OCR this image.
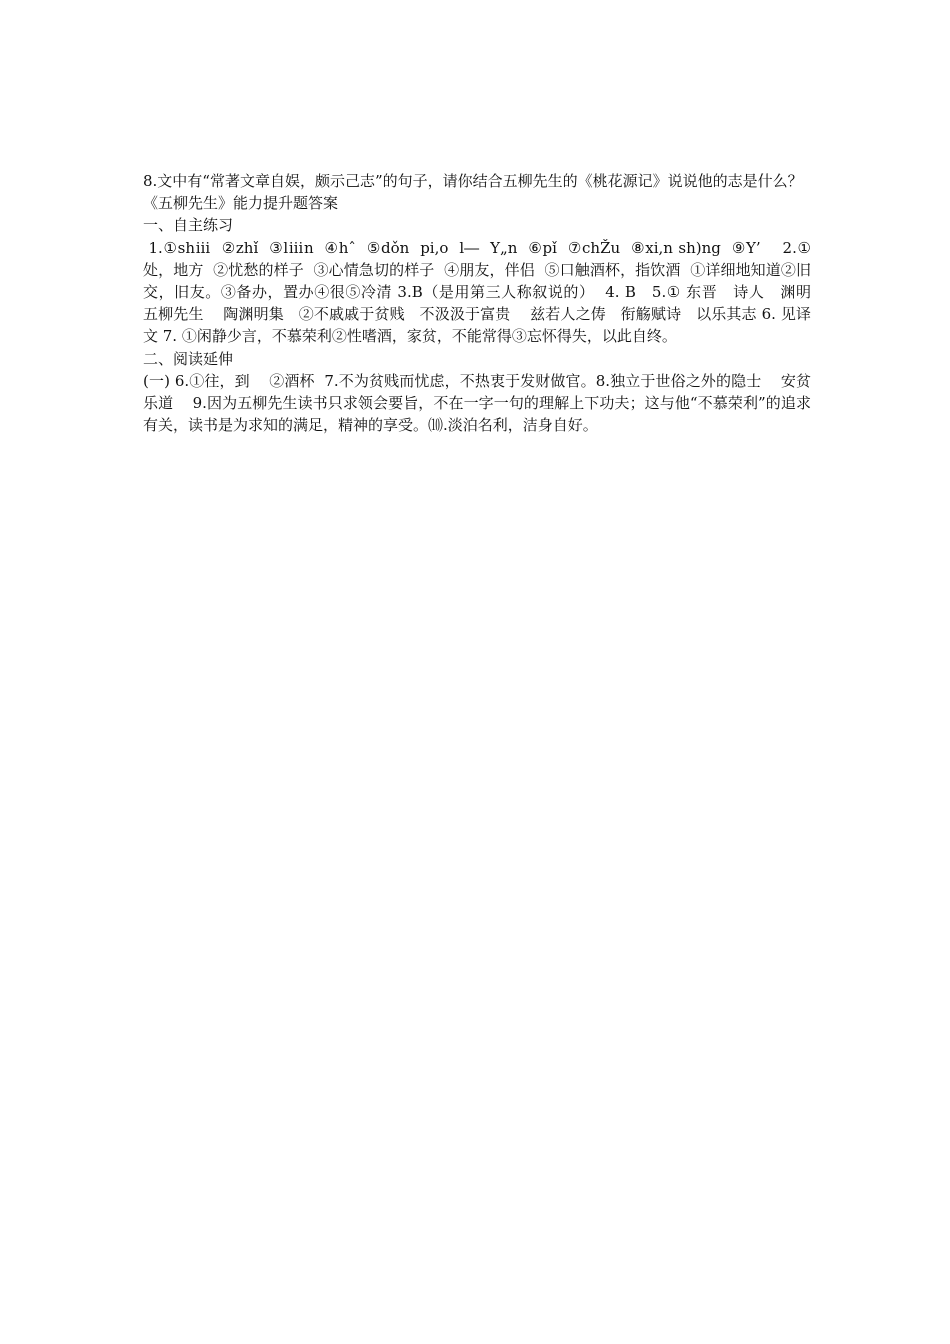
8.文中有“常著文章自娱，颇示己志”的句子，请你结合五柳先生的《桃花源记》说说他的志是什么？

《五柳先生》能力提升题答案

一、自主练习

1.①shⅲ  ②zhǐ  ③lⅲn  ④hˆ  ⑤dǒn  pi,o  l―  Y„n  ⑥pǐ  ⑦chŽu  ⑧xi,n sh)ng  ⑨Y’    2.① 处，地方  ②忧愁的样子  ③心情急切的样子  ④朋友，伴侣  ⑤口触酒杯，指饮酒  ①详细地知道②旧交，旧友。③备办，置办④很⑤冷清 3.B（是用第三人称叙说的）  4. B   5.① 东晋   诗人   渊明   五柳先生    陶渊明集   ②不戚戚于贫贱   不汲汲于富贵    兹若人之俦   衔觞赋诗   以乐其志 6. 见译文 7. ①闲静少言，不慕荣利②性嗜酒，家贫，不能常得③忘怀得失，以此自终。

二、阅读延伸

(一) 6.①往，到    ②酒杯  7.不为贫贱而忧虑，不热衷于发财做官。8.独立于世俗之外的隐士    安贫乐道    9.因为五柳先生读书只求领会要旨，不在一字一句的理解上下功夫；这与他“不慕荣利”的追求有关，读书是为求知的满足，精神的享受。⑽.淡泊名利，洁身自好。
